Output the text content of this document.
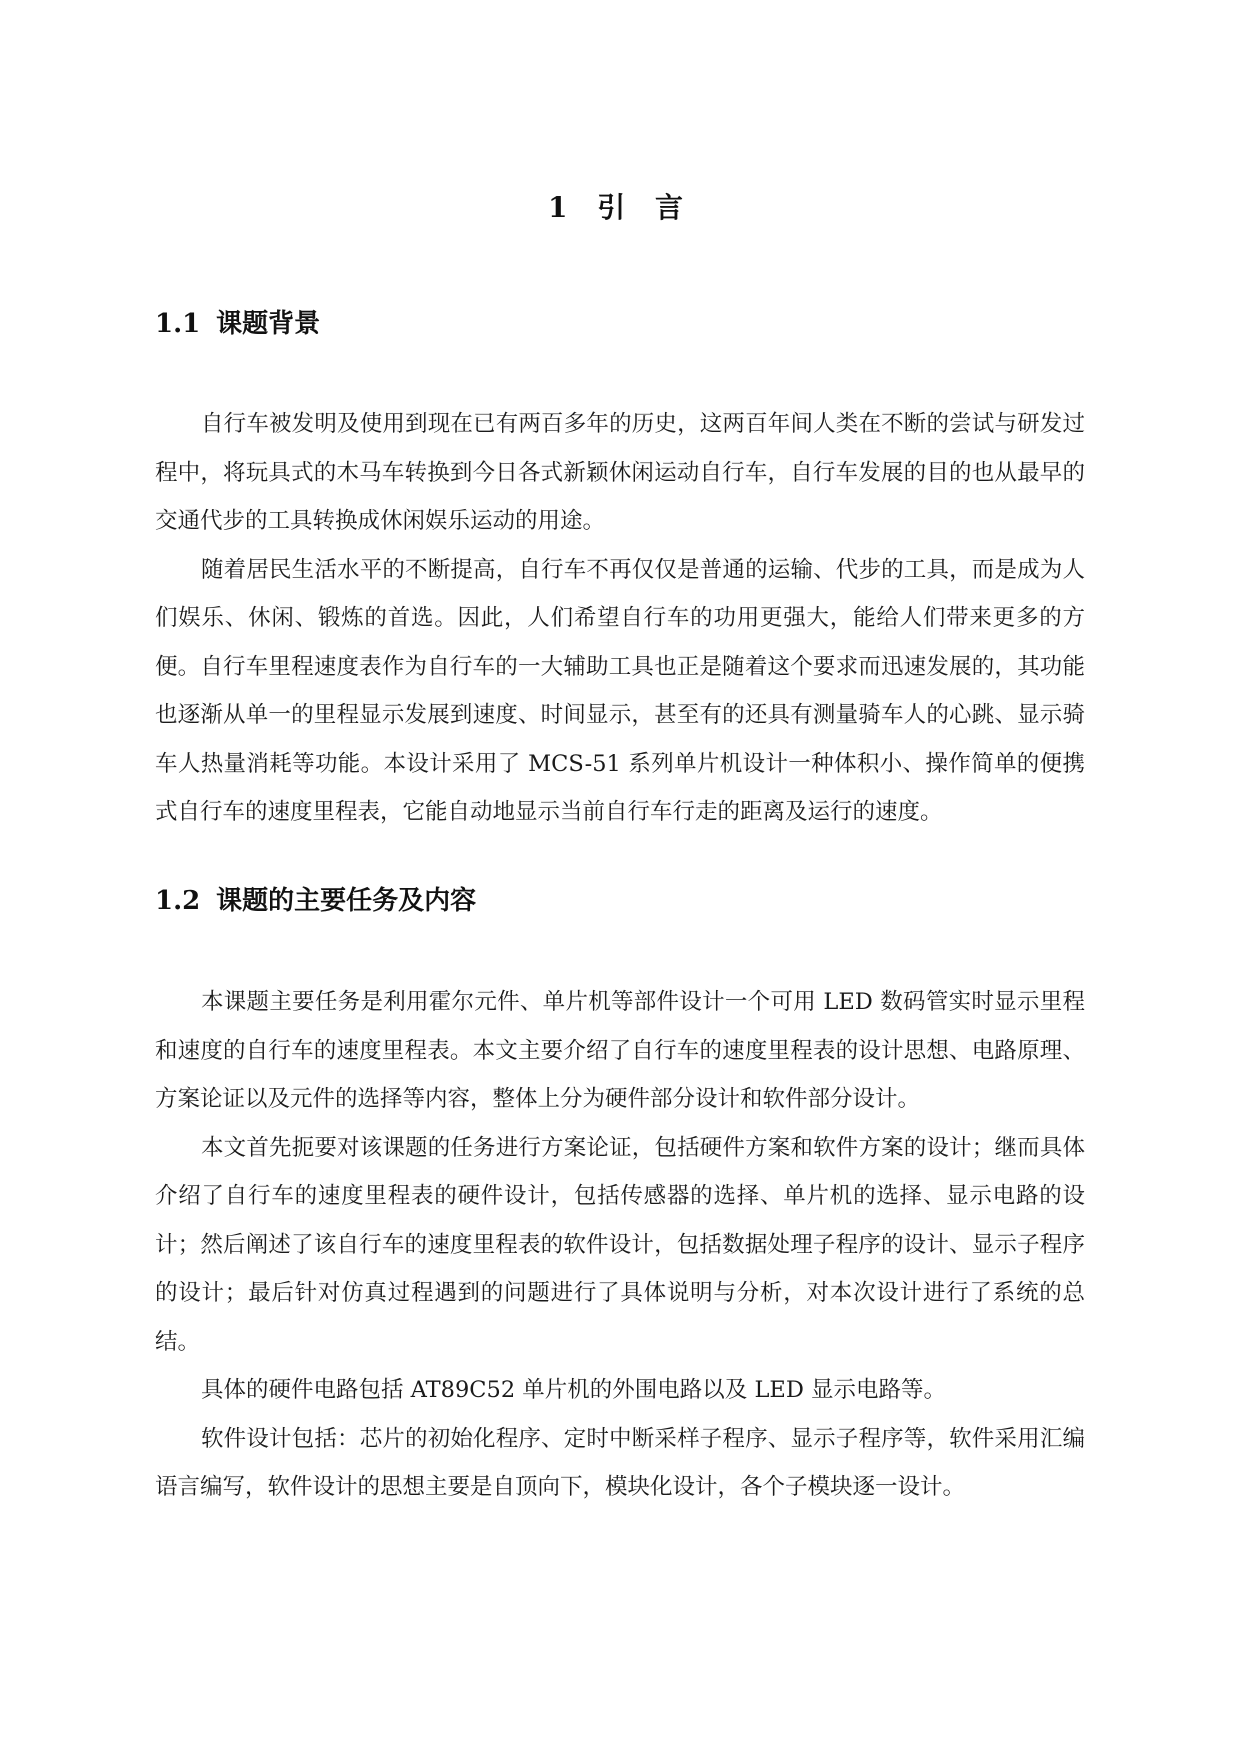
1 引 言
1.1 课题背景

自行车被发明及使用到现在已有两百多年的历史，这两百年间人类在不断的尝试与研发过程中，将玩具式的木马车转换到今日各式新颖休闲运动自行车，自行车发展的目的也从最早的交通代步的工具转换成休闲娱乐运动的用途。

随着居民生活水平的不断提高，自行车不再仅仅是普通的运输、代步的工具，而是成为人们娱乐、休闲、锻炼的首选。因此，人们希望自行车的功用更强大，能给人们带来更多的方便。自行车里程速度表作为自行车的一大辅助工具也正是随着这个要求而迅速发展的，其功能也逐渐从单一的里程显示发展到速度、时间显示，甚至有的还具有测量骑车人的心跳、显示骑车人热量消耗等功能。本设计采用了 MCS-51 系列单片机设计一种体积小、操作简单的便携式自行车的速度里程表，它能自动地显示当前自行车行走的距离及运行的速度。

1.2 课题的主要任务及内容

本课题主要任务是利用霍尔元件、单片机等部件设计一个可用 LED 数码管实时显示里程和速度的自行车的速度里程表。本文主要介绍了自行车的速度里程表的设计思想、电路原理、方案论证以及元件的选择等内容，整体上分为硬件部分设计和软件部分设计。

本文首先扼要对该课题的任务进行方案论证，包括硬件方案和软件方案的设计；继而具体介绍了自行车的速度里程表的硬件设计，包括传感器的选择、单片机的选择、显示电路的设计；然后阐述了该自行车的速度里程表的软件设计，包括数据处理子程序的设计、显示子程序的设计；最后针对仿真过程遇到的问题进行了具体说明与分析，对本次设计进行了系统的总结。

具体的硬件电路包括 AT89C52 单片机的外围电路以及 LED 显示电路等。

软件设计包括：芯片的初始化程序、定时中断采样子程序、显示子程序等，软件采用汇编语言编写，软件设计的思想主要是自顶向下，模块化设计，各个子模块逐一设计。
